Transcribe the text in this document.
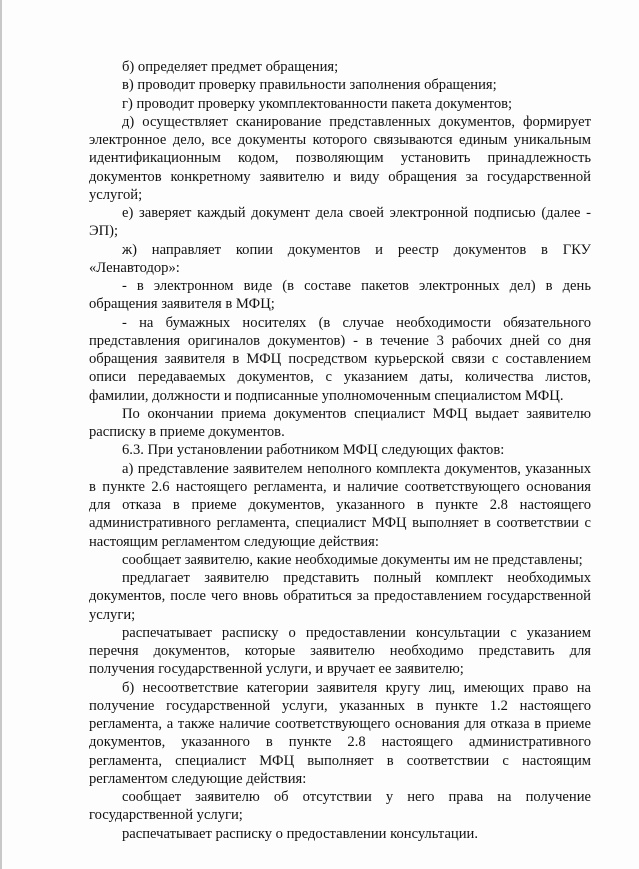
б) определяет предмет обращения;

в) проводит проверку правильности заполнения обращения;

г) проводит проверку укомплектованности пакета документов;

д) осуществляет сканирование представленных документов, формирует электронное дело, все документы которого связываются единым уникальным идентификационным кодом, позволяющим установить принадлежность документов конкретному заявителю и виду обращения за государственной услугой;

е) заверяет каждый документ дела своей электронной подписью (далее - ЭП);

ж) направляет копии документов и реестр документов в ГКУ «Ленавтодор»:

- в электронном виде (в составе пакетов электронных дел) в день обращения заявителя в МФЦ;

- на бумажных носителях (в случае необходимости обязательного представления оригиналов документов) - в течение 3 рабочих дней со дня обращения заявителя в МФЦ посредством курьерской связи с составлением описи передаваемых документов, с указанием даты, количества листов, фамилии, должности и подписанные уполномоченным специалистом МФЦ.

По окончании приема документов специалист МФЦ выдает заявителю расписку в приеме документов.

6.3. При установлении работником МФЦ следующих фактов:

а) представление заявителем неполного комплекта документов, указанных в пункте 2.6 настоящего регламента, и наличие соответствующего основания для отказа в приеме документов, указанного в пункте 2.8 настоящего административного регламента, специалист МФЦ выполняет в соответствии с настоящим регламентом следующие действия:

сообщает заявителю, какие необходимые документы им не представлены;

предлагает заявителю представить полный комплект необходимых документов, после чего вновь обратиться за предоставлением государственной услуги;

распечатывает расписку о предоставлении консультации с указанием перечня документов, которые заявителю необходимо представить для получения государственной услуги, и вручает ее заявителю;

б) несоответствие категории заявителя кругу лиц, имеющих право на получение государственной услуги, указанных в пункте 1.2 настоящего регламента, а также наличие соответствующего основания для отказа в приеме документов, указанного в пункте 2.8 настоящего административного регламента, специалист МФЦ выполняет в соответствии с настоящим регламентом следующие действия:

сообщает заявителю об отсутствии у него права на получение государственной услуги;

распечатывает расписку о предоставлении консультации.
